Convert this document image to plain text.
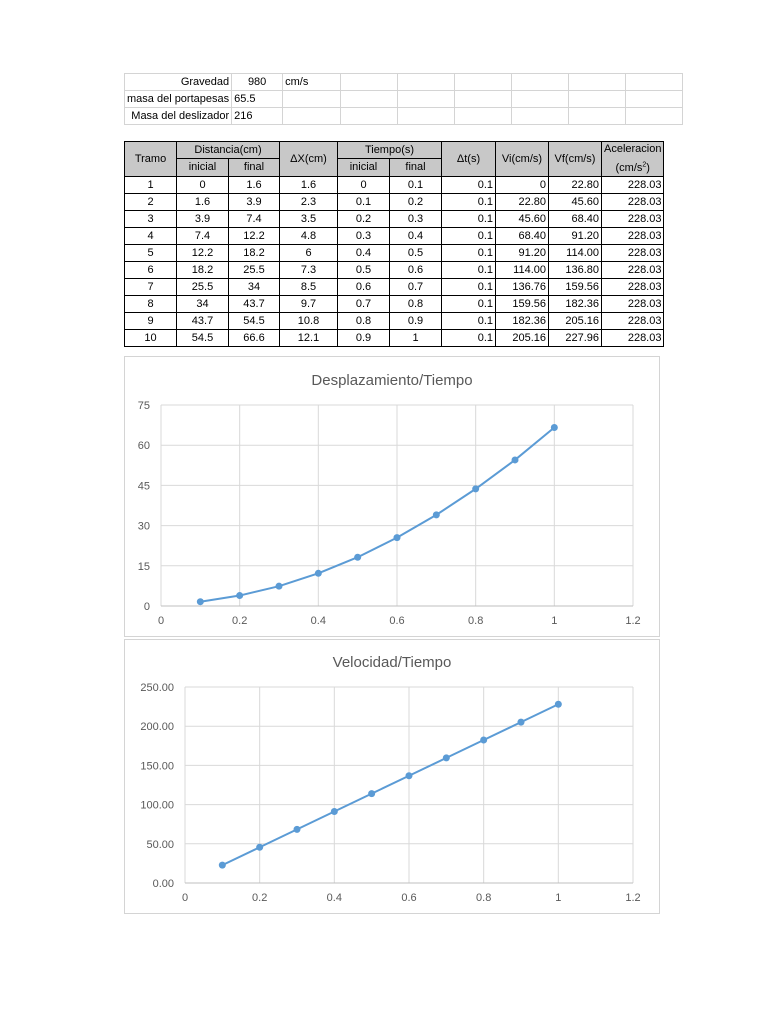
Gravedad	980	cm/s						
masa del portapesas	65.5							
Masa del deslizador	216							
Tramo	Distancia(cm)		ΔX(cm)	Tiempo(s)		Δt(s)	Vi(cm/s)	Vf(cm/s)	Aceleracion
$(cm/s^2)$
	inicial	final		inicial	final				
1	0	1.6	1.6	0	0.1	0.1	0	22.80	228.03
2	1.6	3.9	2.3	0.1	0.2	0.1	22.80	45.60	228.03
3	3.9	7.4	3.5	0.2	0.3	0.1	45.60	68.40	228.03
4	7.4	12.2	4.8	0.3	0.4	0.1	68.40	91.20	228.03
5	12.2	18.2	6	0.4	0.5	0.1	91.20	114.00	228.03
6	18.2	25.5	7.3	0.5	0.6	0.1	114.00	136.80	228.03
7	25.5	34	8.5	0.6	0.7	0.1	136.76	159.56	228.03
8	34	43.7	9.7	0.7	0.8	0.1	159.56	182.36	228.03
9	43.7	54.5	10.8	0.8	0.9	0.1	182.36	205.16	228.03
10	54.5	66.6	12.1	0.9	1	0.1	205.16	227.96	228.03
Desplazamiento/Tiempo
0
15
30
45
60
75
0	0.2	0.4	0.6	0.8	1	1.2
Velocidad/Tiempo
0.00
50.00
100.00
150.00
200.00
250.00
0	0.2	0.4	0.6	0.8	1	1.2
